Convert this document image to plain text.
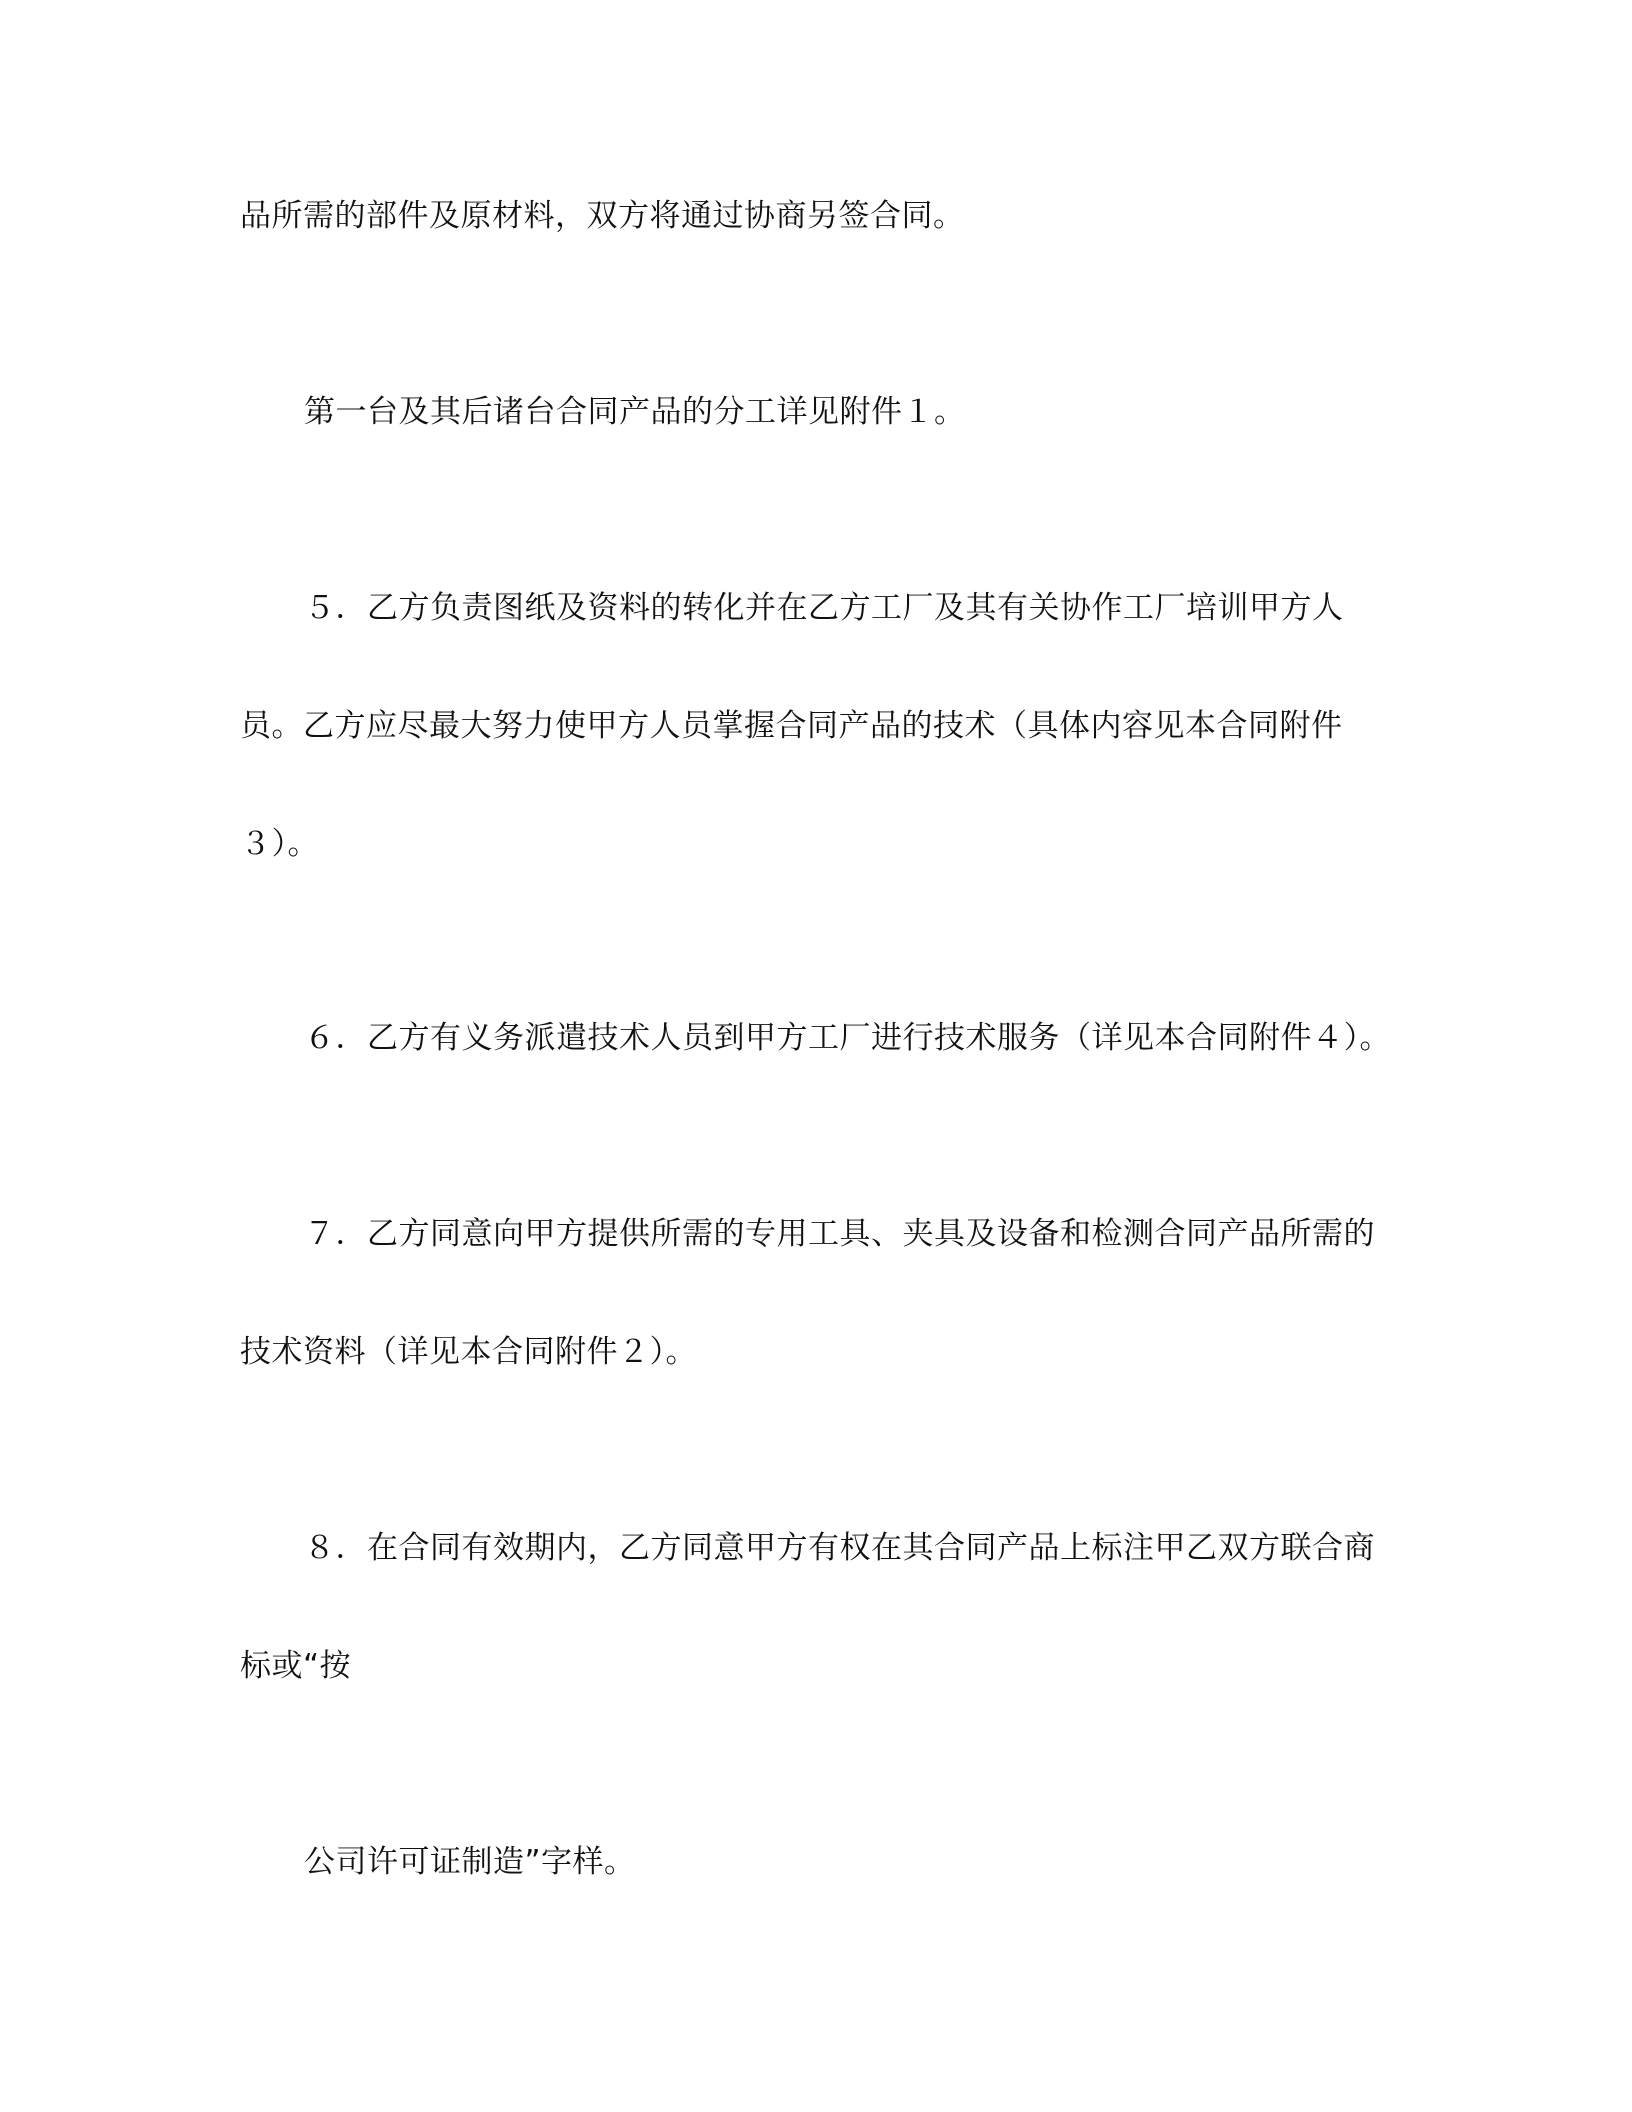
品所需的部件及原材料，双方将通过协商另签合同。
第一台及其后诸台合同产品的分工详见附件１。
５．乙方负责图纸及资料的转化并在乙方工厂及其有关协作工厂培训甲方人
员。乙方应尽最大努力使甲方人员掌握合同产品的技术（具体内容见本合同附件
３）。
６．乙方有义务派遣技术人员到甲方工厂进行技术服务（详见本合同附件４）。
７．乙方同意向甲方提供所需的专用工具、夹具及设备和检测合同产品所需的
技术资料（详见本合同附件２）。
８．在合同有效期内，乙方同意甲方有权在其合同产品上标注甲乙双方联合商
标或“按
公司许可证制造”字样。
